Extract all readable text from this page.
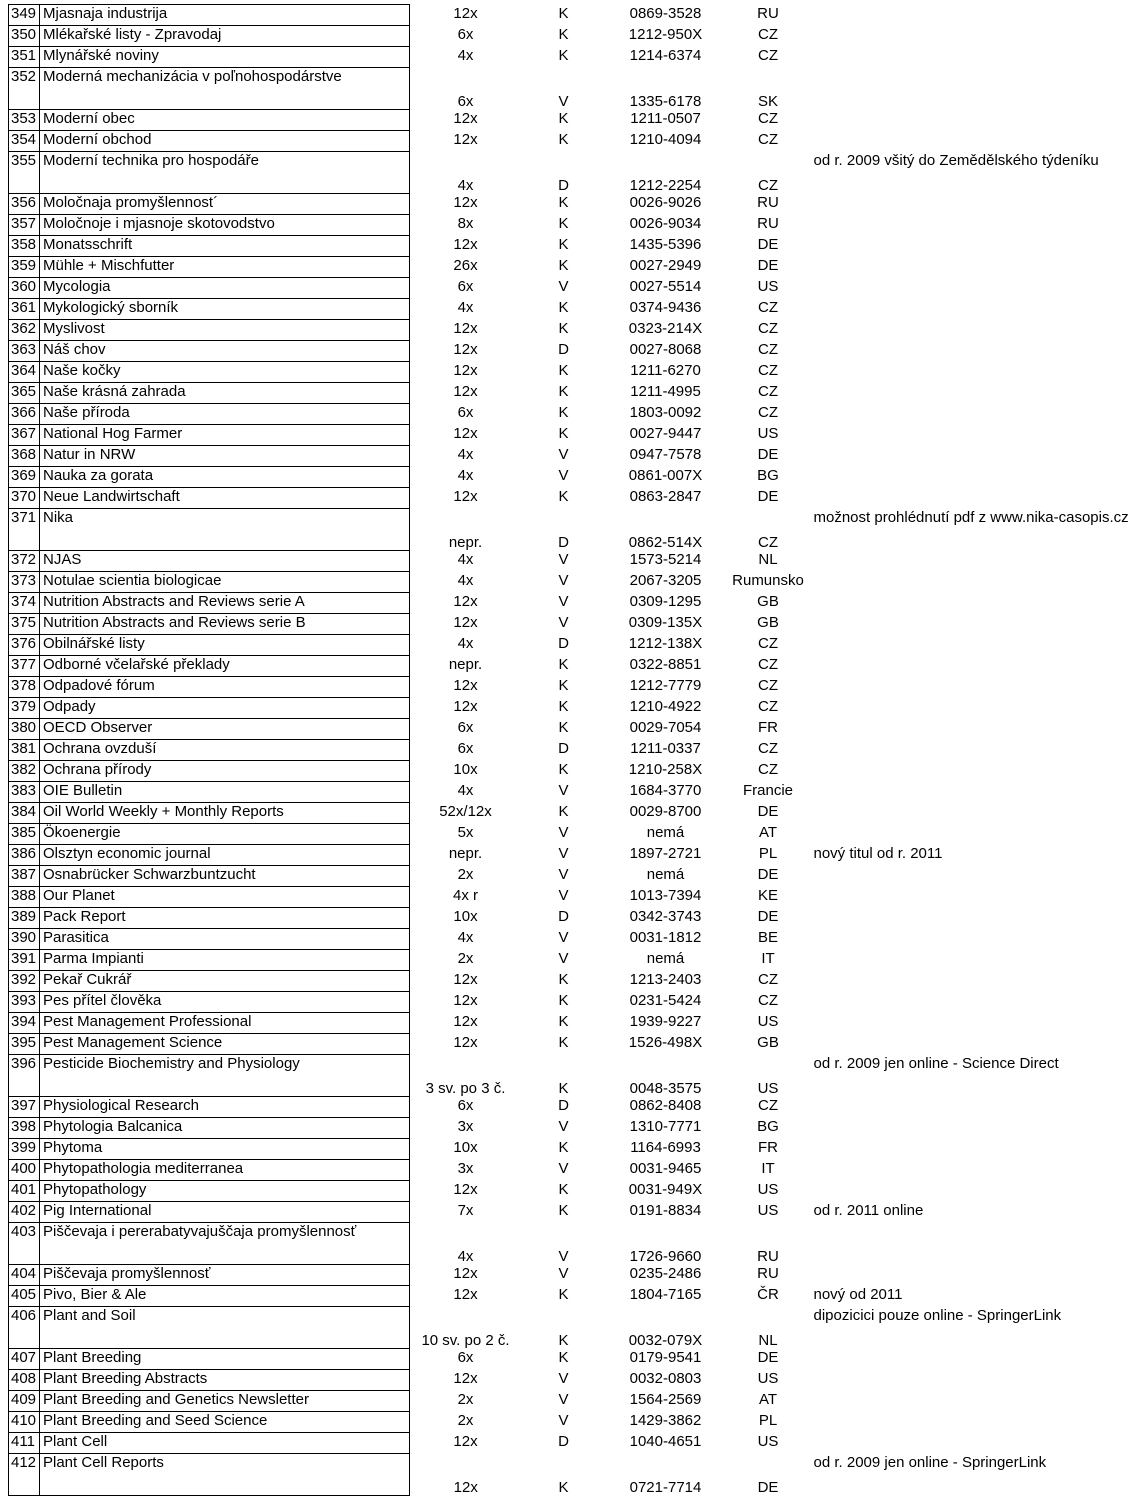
349	Mjasnaja industrija	12x	K	0869-3528	RU	
350	Mlékařské listy - Zpravodaj	6x	K	1212-950X	CZ	
351	Mlynářské noviny	4x	K	1214-6374	CZ	
352	Moderná mechanizácia v poľnohospodárstve	6x	V	1335-6178	SK	
353	Moderní obec	12x	K	1211-0507	CZ	
354	Moderní obchod	12x	K	1210-4094	CZ	
355	Moderní technika pro hospodáře	4x	D	1212-2254	CZ	od r. 2009 všitý do Zemědělského týdeníku
356	Moločnaja promyšlennost´	12x	K	0026-9026	RU	
357	Moločnoje i mjasnoje skotovodstvo	8x	K	0026-9034	RU	
358	Monatsschrift	12x	K	1435-5396	DE	
359	Mühle + Mischfutter	26x	K	0027-2949	DE	
360	Mycologia	6x	V	0027-5514	US	
361	Mykologický sborník	4x	K	0374-9436	CZ	
362	Myslivost	12x	K	0323-214X	CZ	
363	Náš chov	12x	D	0027-8068	CZ	
364	Naše kočky	12x	K	1211-6270	CZ	
365	Naše krásná zahrada	12x	K	1211-4995	CZ	
366	Naše příroda	6x	K	1803-0092	CZ	
367	National Hog Farmer	12x	K	0027-9447	US	
368	Natur in NRW	4x	V	0947-7578	DE	
369	Nauka za gorata	4x	V	0861-007X	BG	
370	Neue Landwirtschaft	12x	K	0863-2847	DE	
371	Nika	nepr.	D	0862-514X	CZ	možnost prohlédnutí pdf z www.nika-casopis.cz
372	NJAS	4x	V	1573-5214	NL	
373	Notulae scientia biologicae	4x	V	2067-3205	Rumunsko	
374	Nutrition Abstracts and Reviews serie A	12x	V	0309-1295	GB	
375	Nutrition Abstracts and Reviews serie B	12x	V	0309-135X	GB	
376	Obilnářské listy	4x	D	1212-138X	CZ	
377	Odborné včelařské překlady	nepr.	K	0322-8851	CZ	
378	Odpadové fórum	12x	K	1212-7779	CZ	
379	Odpady	12x	K	1210-4922	CZ	
380	OECD Observer	6x	K	0029-7054	FR	
381	Ochrana ovzduší	6x	D	1211-0337	CZ	
382	Ochrana přírody	10x	K	1210-258X	CZ	
383	OIE Bulletin	4x	V	1684-3770	Francie	
384	Oil World Weekly + Monthly Reports	52x/12x	K	0029-8700	DE	
385	Ökoenergie	5x	V	nemá	AT	
386	Olsztyn economic journal	nepr.	V	1897-2721	PL	nový titul od r. 2011
387	Osnabrücker Schwarzbuntzucht	2x	V	nemá	DE	
388	Our Planet	4x r	V	1013-7394	KE	
389	Pack Report	10x	D	0342-3743	DE	
390	Parasitica	4x	V	0031-1812	BE	
391	Parma Impianti	2x	V	nemá	IT	
392	Pekař Cukrář	12x	K	1213-2403	CZ	
393	Pes přítel člověka	12x	K	0231-5424	CZ	
394	Pest Management Professional	12x	K	1939-9227	US	
395	Pest Management Science	12x	K	1526-498X	GB	
396	Pesticide Biochemistry and Physiology	3 sv. po 3 č.	K	0048-3575	US	od r. 2009 jen online - Science Direct
397	Physiological Research	6x	D	0862-8408	CZ	
398	Phytologia Balcanica	3x	V	1310-7771	BG	
399	Phytoma	10x	K	1164-6993	FR	
400	Phytopathologia mediterranea	3x	V	0031-9465	IT	
401	Phytopathology	12x	K	0031-949X	US	
402	Pig International	7x	K	0191-8834	US	od r. 2011 online
403	Piščevaja i pererabatyvajuščaja promyšlennosť	4x	V	1726-9660	RU	
404	Piščevaja promyšlennosť	12x	V	0235-2486	RU	
405	Pivo, Bier & Ale	12x	K	1804-7165	ČR	nový od 2011
406	Plant and Soil	10 sv. po 2 č.	K	0032-079X	NL	dipozicici pouze online - SpringerLink
407	Plant Breeding	6x	K	0179-9541	DE	
408	Plant Breeding Abstracts	12x	V	0032-0803	US	
409	Plant Breeding and Genetics Newsletter	2x	V	1564-2569	AT	
410	Plant Breeding and Seed Science	2x	V	1429-3862	PL	
411	Plant Cell	12x	D	1040-4651	US	
412	Plant Cell Reports	12x	K	0721-7714	DE	od r. 2009 jen online - SpringerLink
